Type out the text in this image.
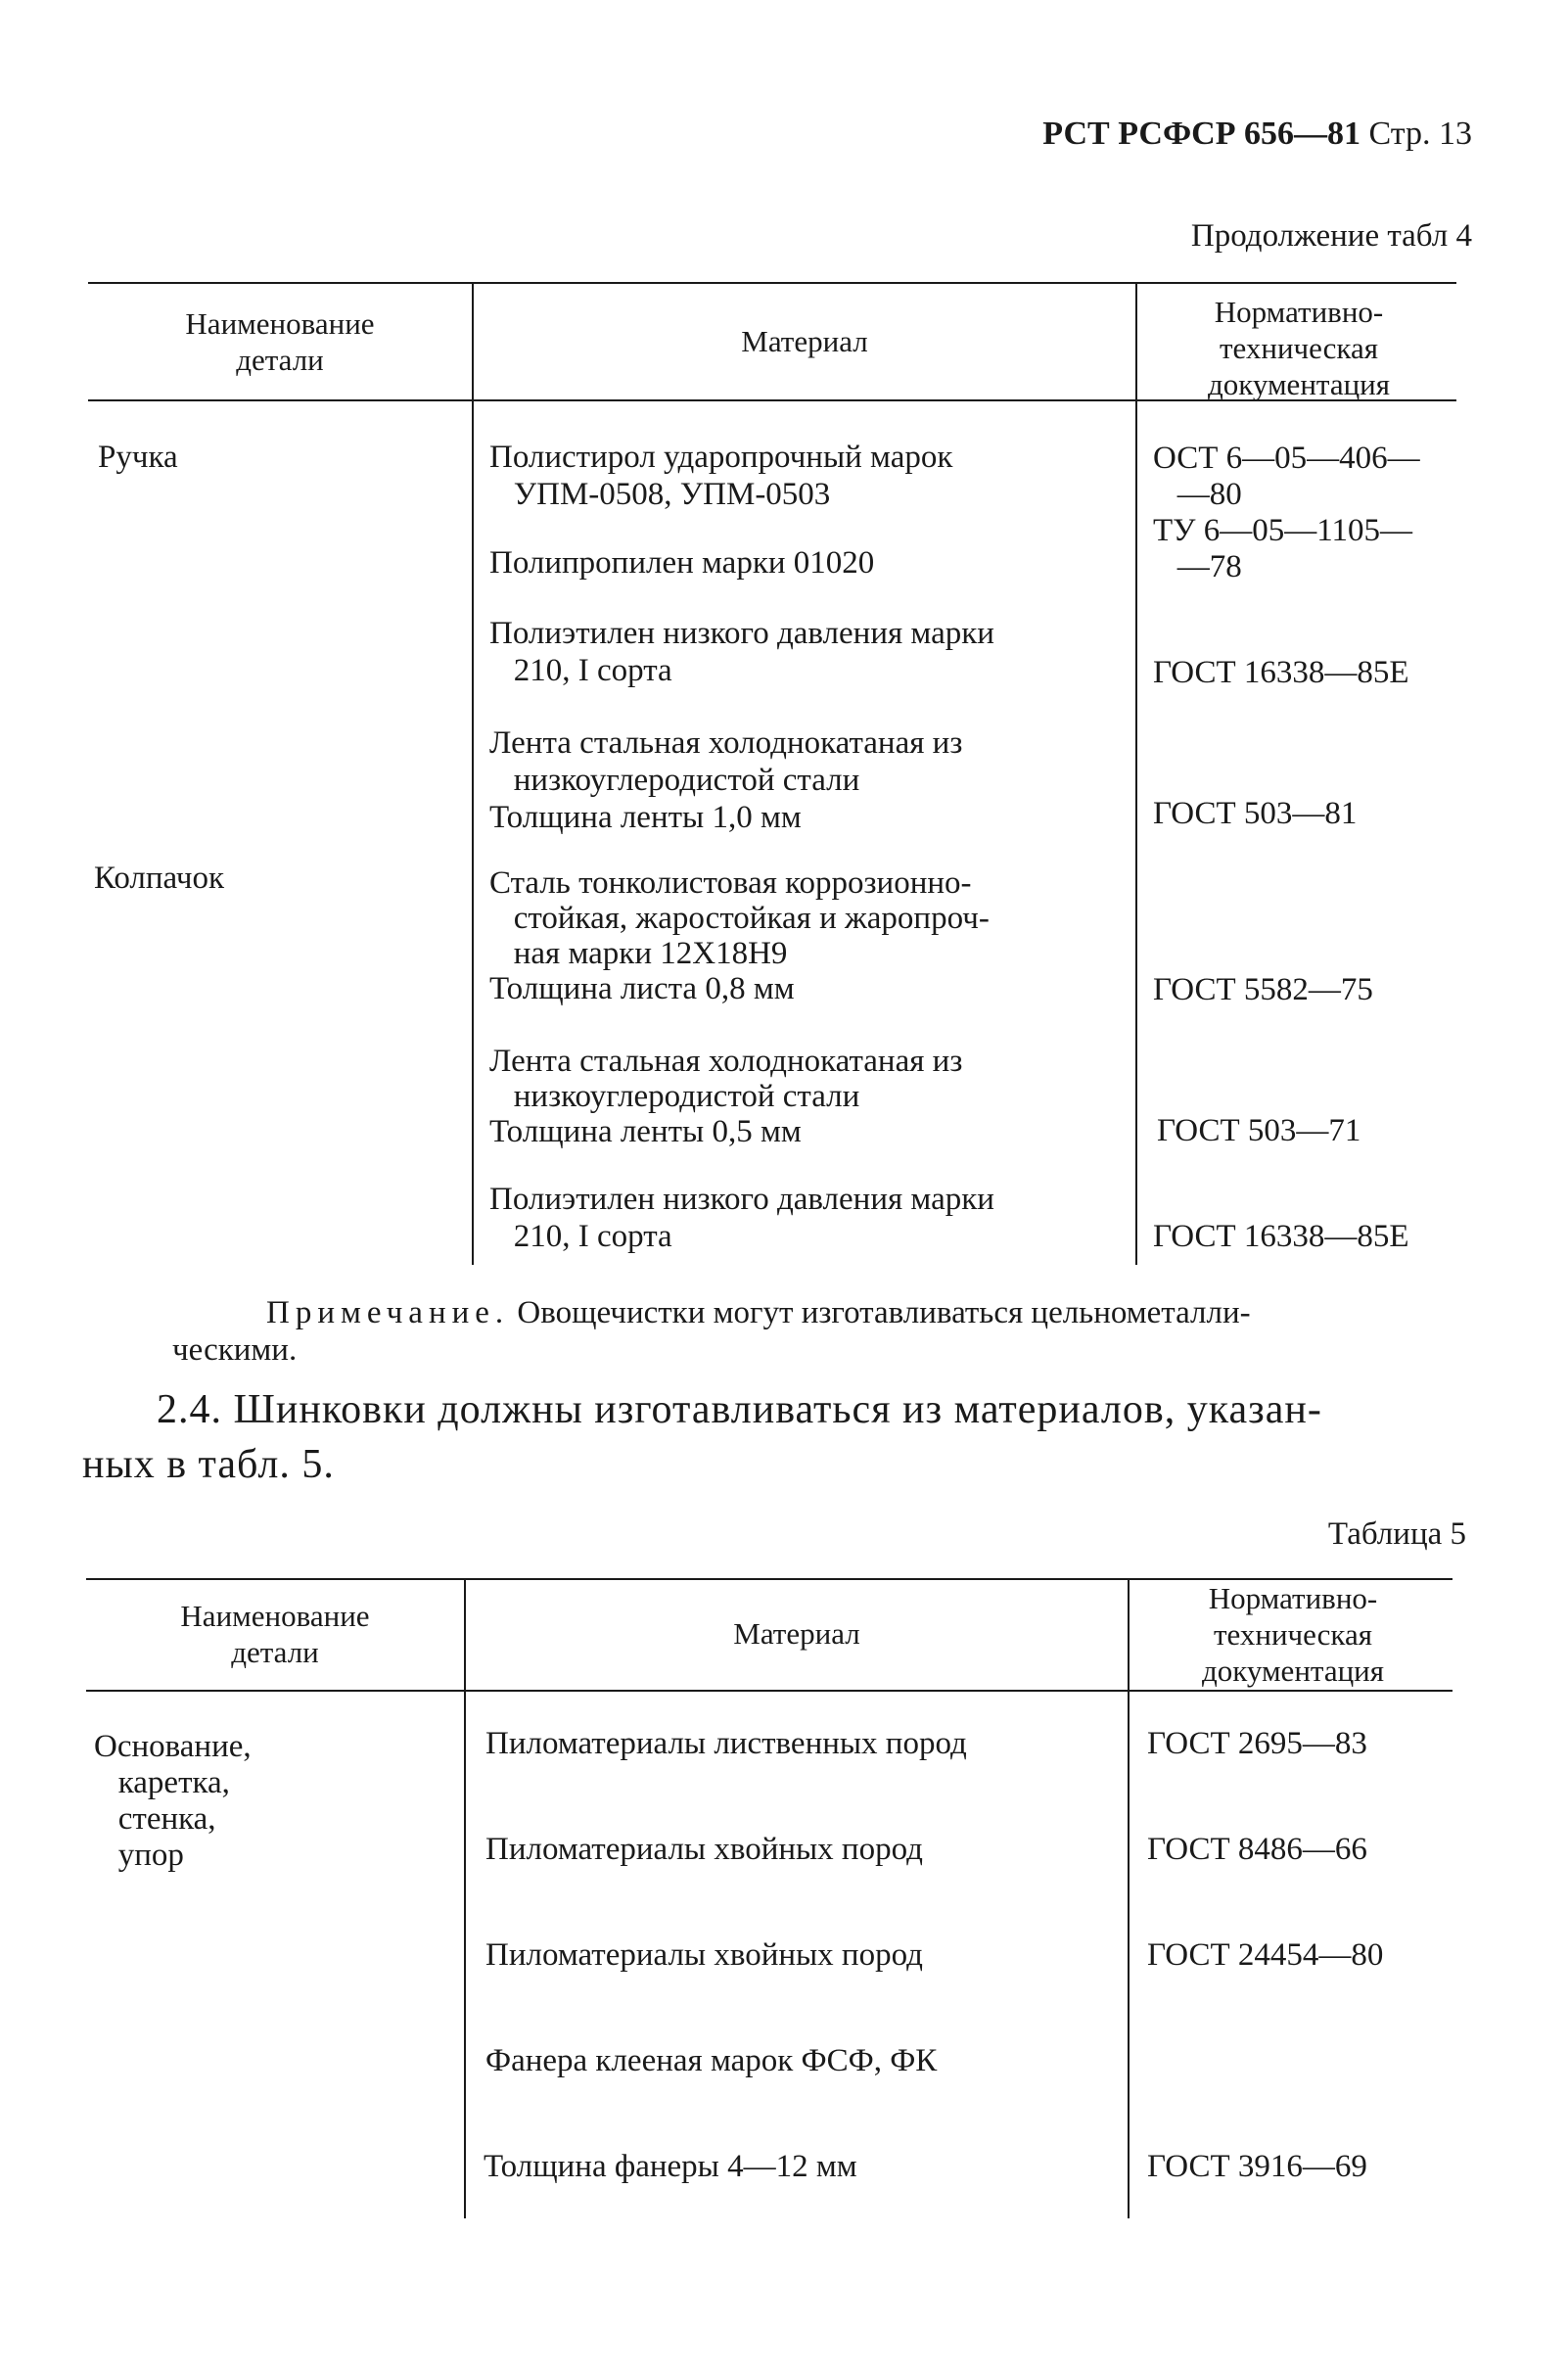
РСТ РСФСР 656—81 Стр. 13
Продолжение табл 4
Наименование
детали
Материал
Нормативно-
техническая
документация
Ручка
Колпачок
Полистирол ударопрочный марок
УПМ-0508, УПМ-0503
Полипропилен марки 01020
Полиэтилен низкого давления марки
210, I сорта
Лента стальная холоднокатаная из
низкоуглеродистой стали
Толщина ленты 1,0 мм
Сталь тонколистовая коррозионно-
стойкая, жаростойкая и жаропроч-
ная марки 12Х18Н9
Толщина листа 0,8 мм
Лента стальная холоднокатаная из
низкоуглеродистой стали
Толщина ленты 0,5 мм
Полиэтилен низкого давления марки
210, I сорта
ОСТ 6—05—406—
—80
ТУ 6—05—1105—
—78
ГОСТ 16338—85Е
ГОСТ 503—81
ГОСТ 5582—75
ГОСТ 503—71
ГОСТ 16338—85Е
Примечание. Овощечистки могут изготавливаться цельнометалли-
ческими.
2.4. Шинковки должны изготавливаться из материалов, указан-
ных в табл. 5.
Таблица 5
Наименование
детали
Материал
Нормативно-
техническая
документация
Основание,
каретка,
стенка,
упор
Пиломатериалы лиственных пород
Пиломатериалы хвойных пород
Пиломатериалы хвойных пород
Фанера клееная марок ФСФ, ФК
Толщина фанеры 4—12 мм
ГОСТ 2695—83
ГОСТ 8486—66
ГОСТ 24454—80
ГОСТ 3916—69
